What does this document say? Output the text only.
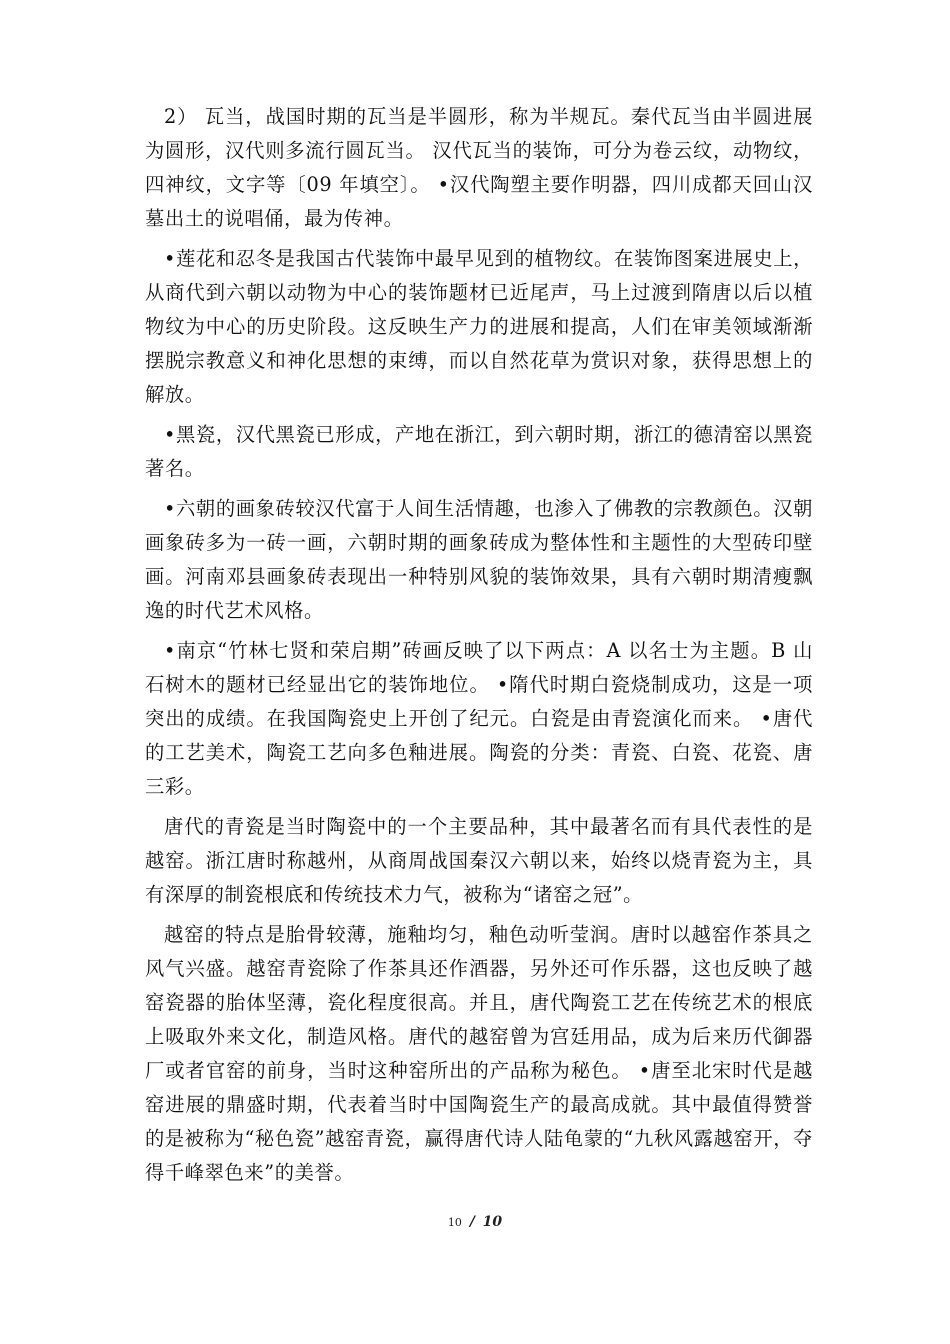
2） 瓦当，战国时期的瓦当是半圆形，称为半规瓦。秦代瓦当由半圆进展为圆形，汉代则多流行圆瓦当。 汉代瓦当的装饰，可分为卷云纹，动物纹，四神纹，文字等〔09 年填空〕。 •汉代陶塑主要作明器，四川成都天回山汉墓出土的说唱俑，最为传神。

•莲花和忍冬是我国古代装饰中最早见到的植物纹。在装饰图案进展史上，从商代到六朝以动物为中心的装饰题材已近尾声，马上过渡到隋唐以后以植物纹为中心的历史阶段。这反映生产力的进展和提高，人们在审美领域渐渐摆脱宗教意义和神化思想的束缚，而以自然花草为赏识对象，获得思想上的解放。

•黑瓷，汉代黑瓷已形成，产地在浙江，到六朝时期，浙江的德清窑以黑瓷著名。

•六朝的画象砖较汉代富于人间生活情趣，也渗入了佛教的宗教颜色。汉朝画象砖多为一砖一画，六朝时期的画象砖成为整体性和主题性的大型砖印壁画。河南邓县画象砖表现出一种特别风貌的装饰效果，具有六朝时期清瘦飘逸的时代艺术风格。

•南京“竹林七贤和荣启期”砖画反映了以下两点：A 以名士为主题。B 山石树木的题材已经显出它的装饰地位。 •隋代时期白瓷烧制成功，这是一项突出的成绩。在我国陶瓷史上开创了纪元。白瓷是由青瓷演化而来。 •唐代的工艺美术，陶瓷工艺向多色釉进展。陶瓷的分类：青瓷、白瓷、花瓷、唐三彩。

唐代的青瓷是当时陶瓷中的一个主要品种，其中最著名而有具代表性的是越窑。浙江唐时称越州，从商周战国秦汉六朝以来，始终以烧青瓷为主，具有深厚的制瓷根底和传统技术力气，被称为“诸窑之冠”。

越窑的特点是胎骨较薄，施釉均匀，釉色动听莹润。唐时以越窑作茶具之风气兴盛。越窑青瓷除了作茶具还作酒器，另外还可作乐器，这也反映了越窑瓷器的胎体坚薄，瓷化程度很高。并且，唐代陶瓷工艺在传统艺术的根底上吸取外来文化，制造风格。唐代的越窑曾为宫廷用品，成为后来历代御器厂或者官窑的前身，当时这种窑所出的产品称为秘色。 •唐至北宋时代是越窑进展的鼎盛时期，代表着当时中国陶瓷生产的最高成就。其中最值得赞誉的是被称为“秘色瓷”越窑青瓷，赢得唐代诗人陆龟蒙的“九秋风露越窑开，夺得千峰翠色来”的美誉。

10 / 10
